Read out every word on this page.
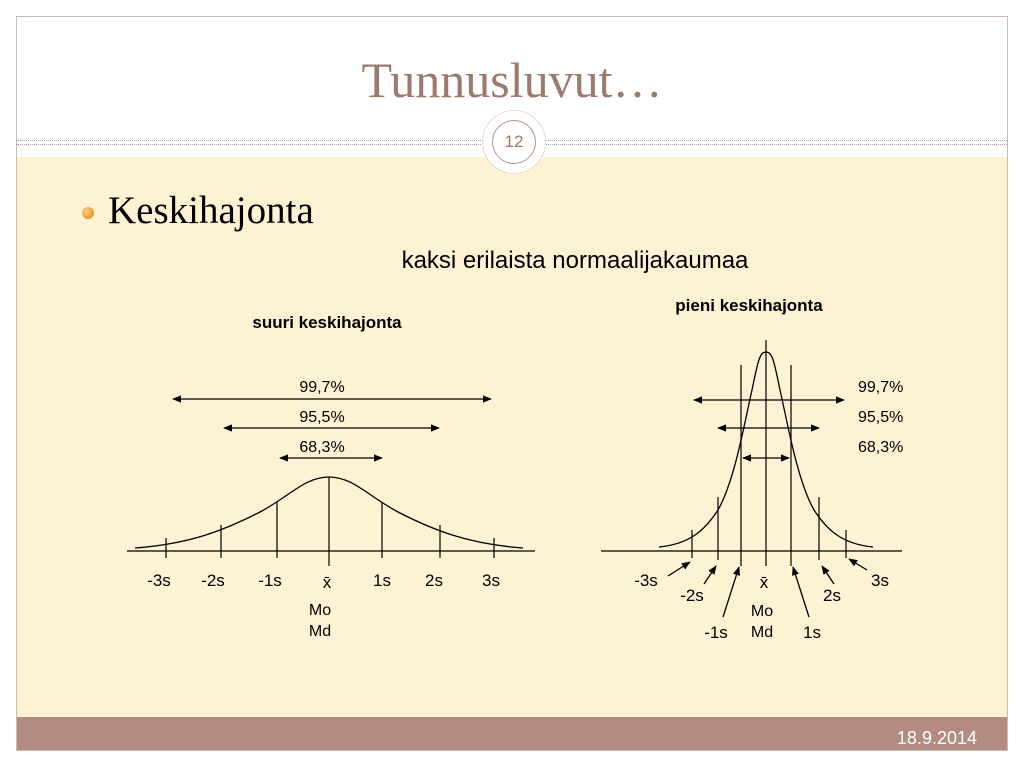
Tunnusluvut…
12
Keskihajonta
kaksi erilaista normaalijakaumaa
18.9.2014
suuri keskihajonta
99,7%
95,5%
68,3%
-3s -2s -1s x̄ 1s 2s 3s
Mo
Md
pieni keskihajonta
99,7%
95,5%
68,3%
-3s
-2s
-1s
x̄
1s
2s
3s
Mo
Md
